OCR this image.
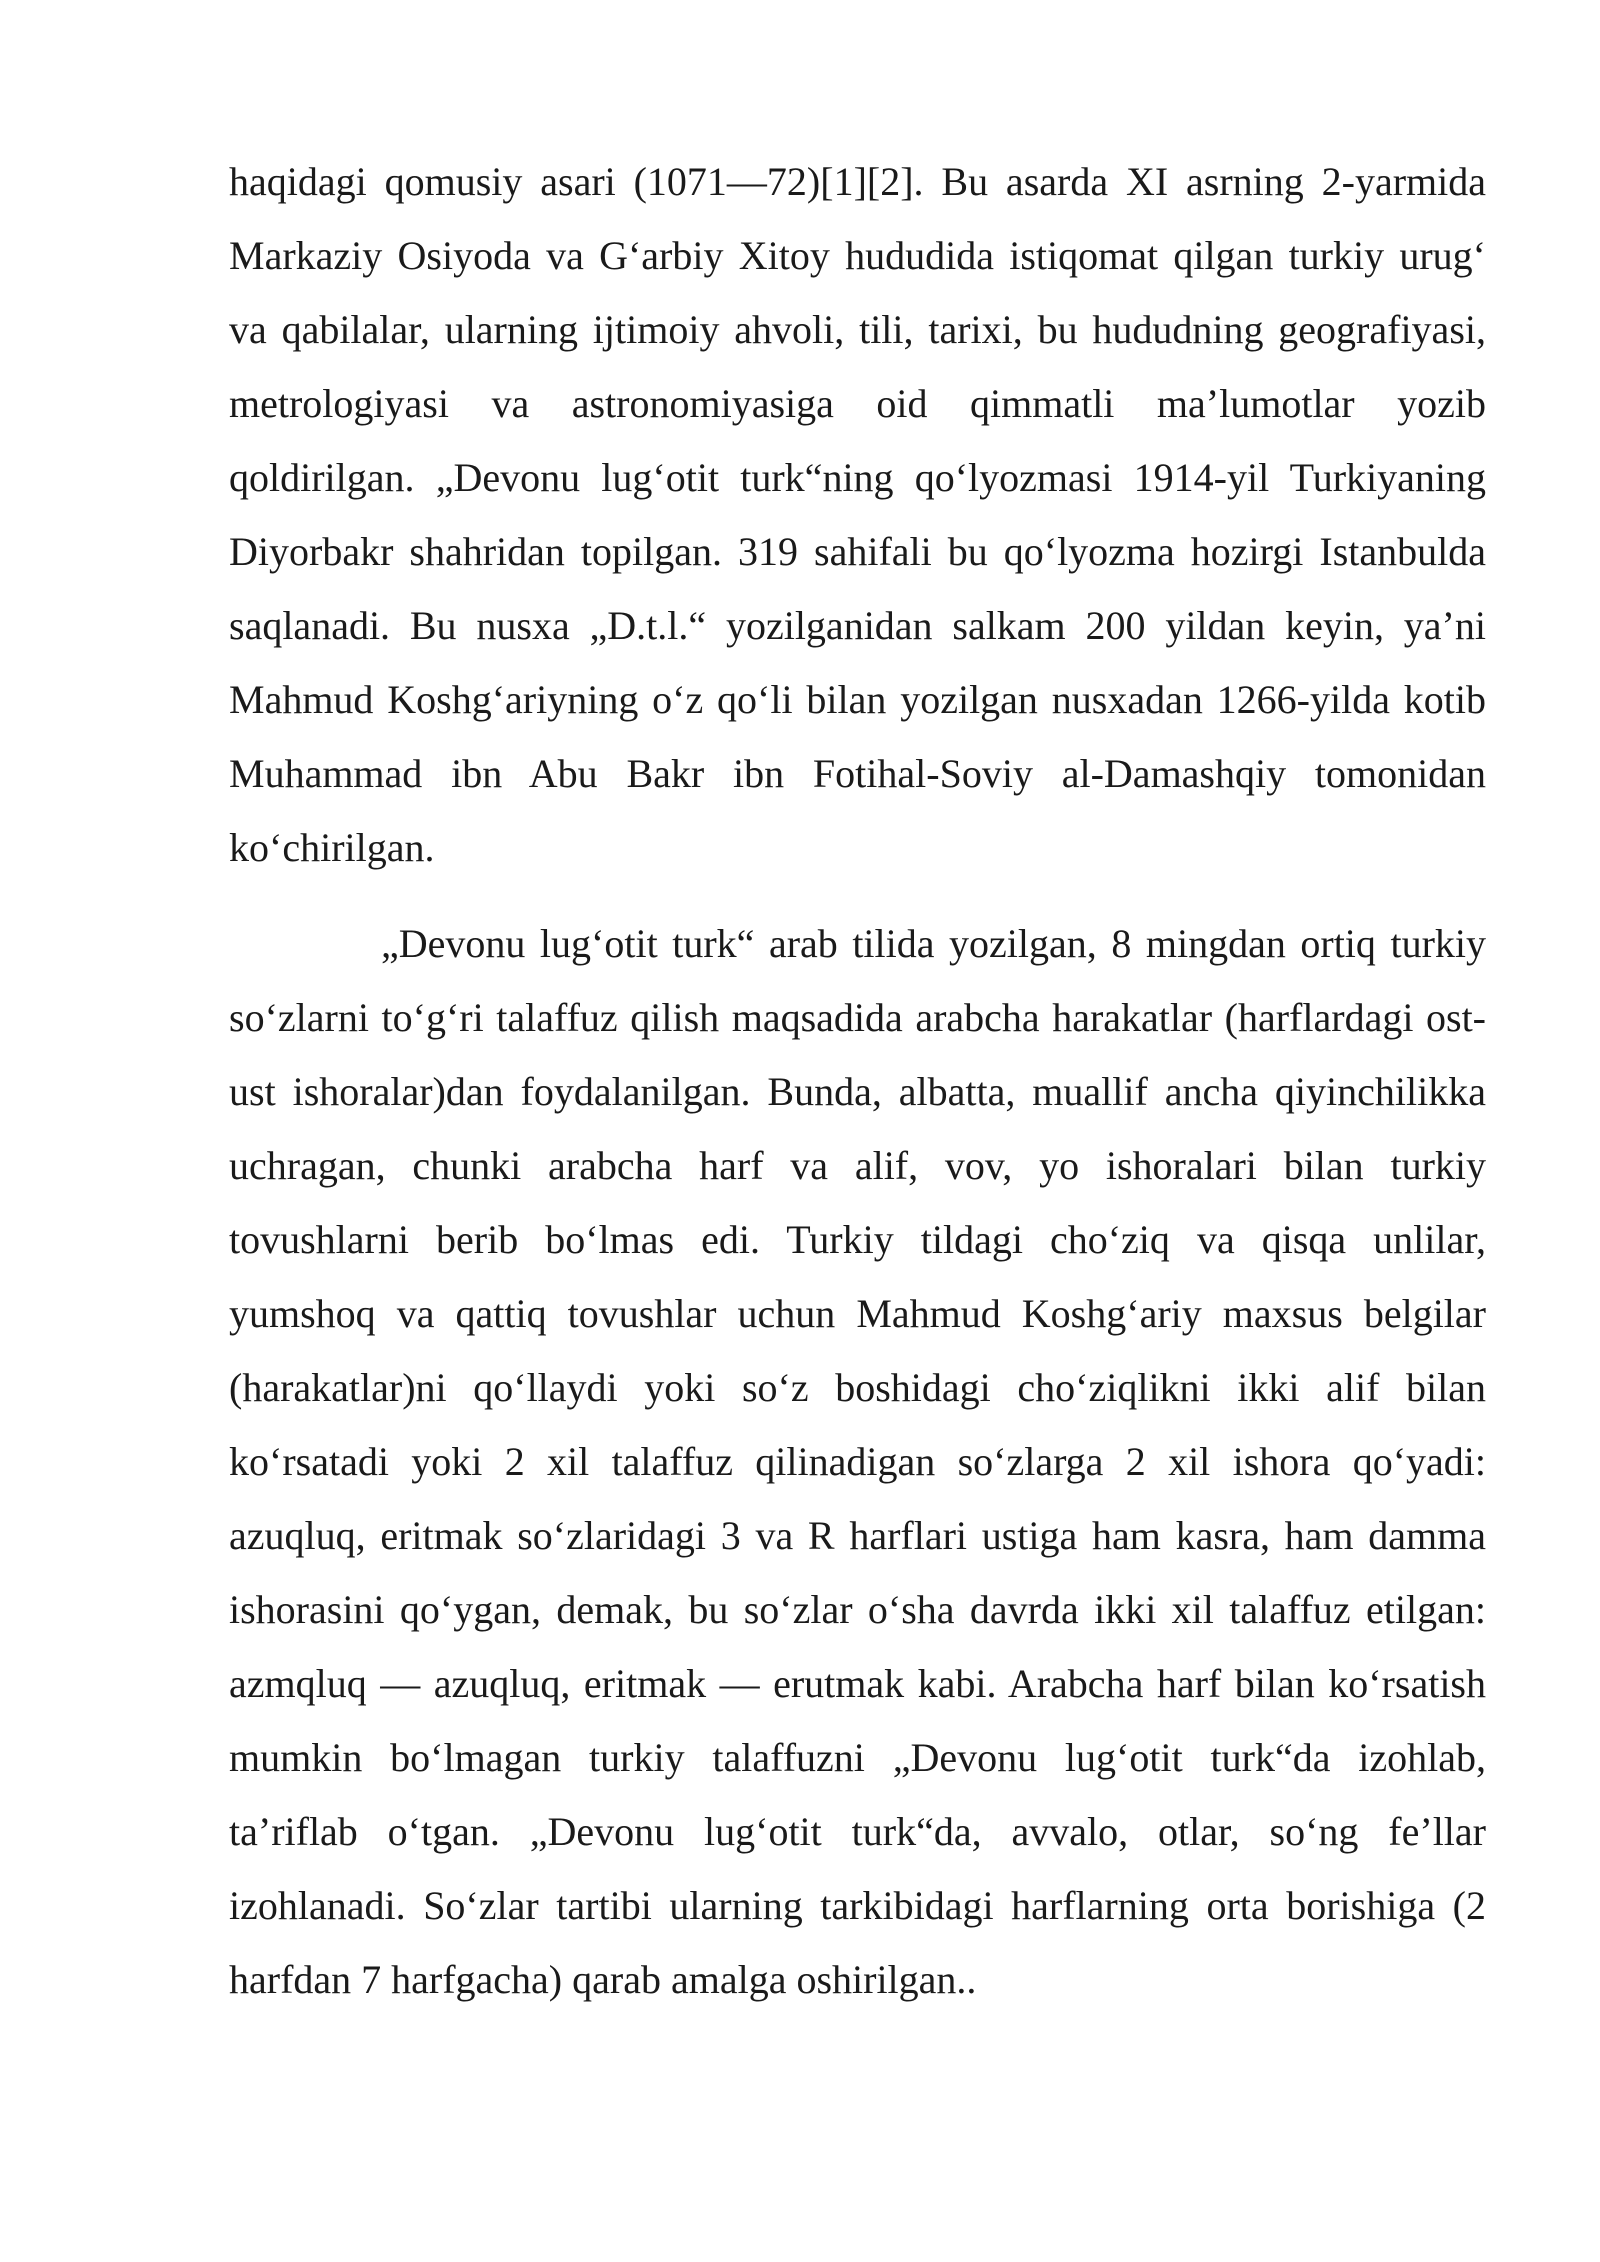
haqidagi qomusiy asari (1071—72)[1][2]. Bu asarda XI asrning 2-yarmida Markaziy Osiyoda va G‘arbiy Xitoy hududida istiqomat qilgan turkiy urug‘ va qabilalar, ularning ijtimoiy ahvoli, tili, tarixi, bu hududning geografiyasi, metrologiyasi va astronomiyasiga oid qimmatli ma’lumotlar yozib qoldirilgan. „Devonu lug‘otit turk“ning qo‘lyozmasi 1914-yil Turkiyaning Diyorbakr shahridan topilgan. 319 sahifali bu qo‘lyozma hozirgi Istanbulda saqlanadi. Bu nusxa „D.t.l.“ yozilganidan salkam 200 yildan keyin, ya’ni Mahmud Koshg‘ariyning o‘z qo‘li bilan yozilgan nusxadan 1266-yilda kotib Muhammad ibn Abu Bakr ibn Fotihal-Soviy al-Damashqiy tomonidan ko‘chirilgan.

„Devonu lug‘otit turk“ arab tilida yozilgan, 8 mingdan ortiq turkiy so‘zlarni to‘g‘ri talaffuz qilish maqsadida arabcha harakatlar (harflardagi ost-ust ishoralar)dan foydalanilgan. Bunda, albatta, muallif ancha qiyinchilikka uchragan, chunki arabcha harf va alif, vov, yo ishoralari bilan turkiy tovushlarni berib bo‘lmas edi. Turkiy tildagi cho‘ziq va qisqa unlilar, yumshoq va qattiq tovushlar uchun Mahmud Koshg‘ariy maxsus belgilar (harakatlar)ni qo‘llaydi yoki so‘z boshidagi cho‘ziqlikni ikki alif bilan ko‘rsatadi yoki 2 xil talaffuz qilinadigan so‘zlarga 2 xil ishora qo‘yadi: azuqluq, eritmak so‘zlaridagi 3 va R harflari ustiga ham kasra, ham damma ishorasini qo‘ygan, demak, bu so‘zlar o‘sha davrda ikki xil talaffuz etilgan: azmqluq — azuqluq, eritmak — erutmak kabi. Arabcha harf bilan ko‘rsatish mumkin bo‘lmagan turkiy talaffuzni „Devonu lug‘otit turk“da izohlab, ta’riflab o‘tgan. „Devonu lug‘otit turk“da, avvalo, otlar, so‘ng fe’llar izohlanadi. So‘zlar tartibi ularning tarkibidagi harflarning orta borishiga (2 harfdan 7 harfgacha) qarab amalga oshirilgan..
